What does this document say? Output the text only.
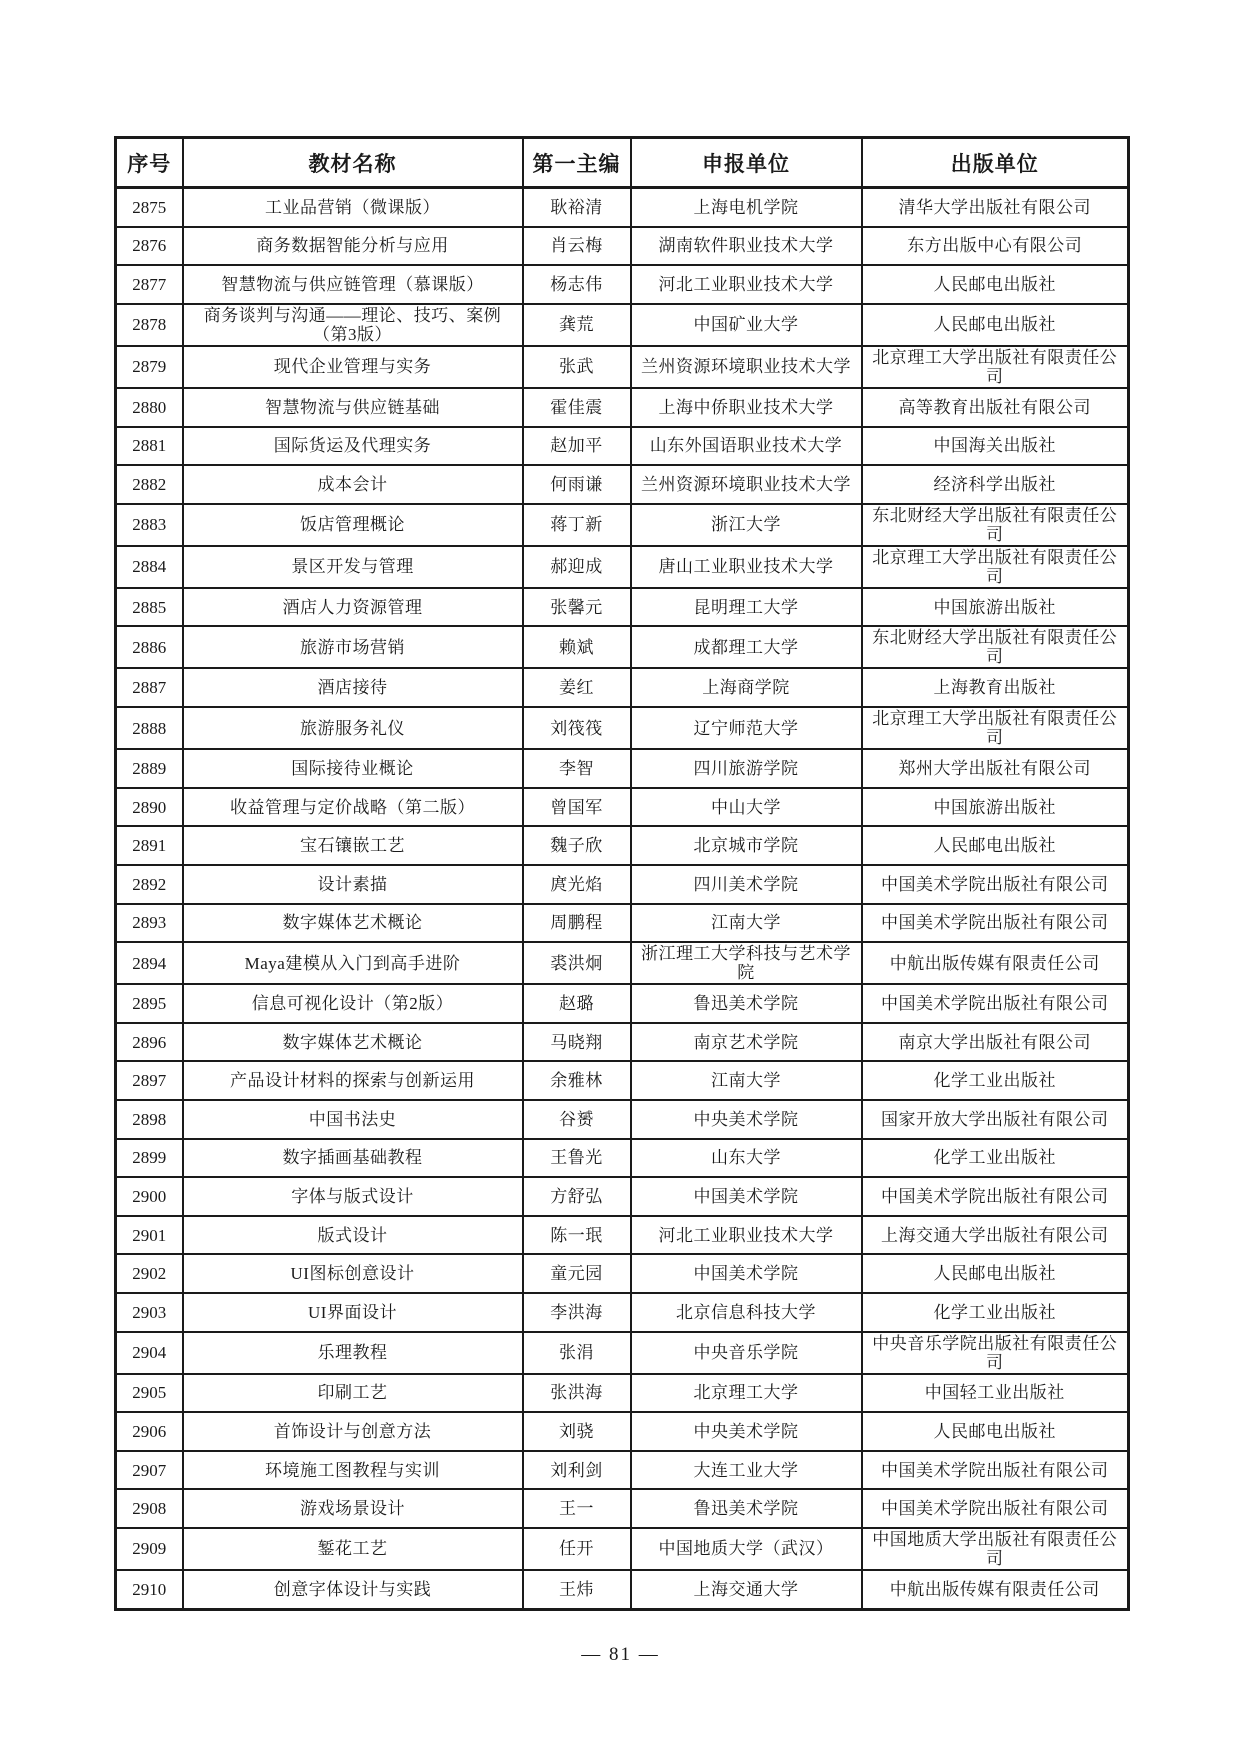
序号	教材名称	第一主编	申报单位	出版单位
2875	工业品营销（微课版）	耿裕清	上海电机学院	清华大学出版社有限公司
2876	商务数据智能分析与应用	肖云梅	湖南软件职业技术大学	东方出版中心有限公司
2877	智慧物流与供应链管理（慕课版）	杨志伟	河北工业职业技术大学	人民邮电出版社
2878	商务谈判与沟通——理论、技巧、案例（第3版）	龚荒	中国矿业大学	人民邮电出版社
2879	现代企业管理与实务	张武	兰州资源环境职业技术大学	北京理工大学出版社有限责任公司
2880	智慧物流与供应链基础	霍佳震	上海中侨职业技术大学	高等教育出版社有限公司
2881	国际货运及代理实务	赵加平	山东外国语职业技术大学	中国海关出版社
2882	成本会计	何雨谦	兰州资源环境职业技术大学	经济科学出版社
2883	饭店管理概论	蒋丁新	浙江大学	东北财经大学出版社有限责任公司
2884	景区开发与管理	郝迎成	唐山工业职业技术大学	北京理工大学出版社有限责任公司
2885	酒店人力资源管理	张馨元	昆明理工大学	中国旅游出版社
2886	旅游市场营销	赖斌	成都理工大学	东北财经大学出版社有限责任公司
2887	酒店接待	姜红	上海商学院	上海教育出版社
2888	旅游服务礼仪	刘筏筏	辽宁师范大学	北京理工大学出版社有限责任公司
2889	国际接待业概论	李智	四川旅游学院	郑州大学出版社有限公司
2890	收益管理与定价战略（第二版）	曾国军	中山大学	中国旅游出版社
2891	宝石镶嵌工艺	魏子欣	北京城市学院	人民邮电出版社
2892	设计素描	庹光焰	四川美术学院	中国美术学院出版社有限公司
2893	数字媒体艺术概论	周鹏程	江南大学	中国美术学院出版社有限公司
2894	Maya建模从入门到高手进阶	裘洪炯	浙江理工大学科技与艺术学院	中航出版传媒有限责任公司
2895	信息可视化设计（第2版）	赵璐	鲁迅美术学院	中国美术学院出版社有限公司
2896	数字媒体艺术概论	马晓翔	南京艺术学院	南京大学出版社有限公司
2897	产品设计材料的探索与创新运用	余雅林	江南大学	化学工业出版社
2898	中国书法史	谷赟	中央美术学院	国家开放大学出版社有限公司
2899	数字插画基础教程	王鲁光	山东大学	化学工业出版社
2900	字体与版式设计	方舒弘	中国美术学院	中国美术学院出版社有限公司
2901	版式设计	陈一珉	河北工业职业技术大学	上海交通大学出版社有限公司
2902	UI图标创意设计	童元园	中国美术学院	人民邮电出版社
2903	UI界面设计	李洪海	北京信息科技大学	化学工业出版社
2904	乐理教程	张涓	中央音乐学院	中央音乐学院出版社有限责任公司
2905	印刷工艺	张洪海	北京理工大学	中国轻工业出版社
2906	首饰设计与创意方法	刘骁	中央美术学院	人民邮电出版社
2907	环境施工图教程与实训	刘利剑	大连工业大学	中国美术学院出版社有限公司
2908	游戏场景设计	王一	鲁迅美术学院	中国美术学院出版社有限公司
2909	錾花工艺	任开	中国地质大学（武汉）	中国地质大学出版社有限责任公司
2910	创意字体设计与实践	王炜	上海交通大学	中航出版传媒有限责任公司
— 81 —
